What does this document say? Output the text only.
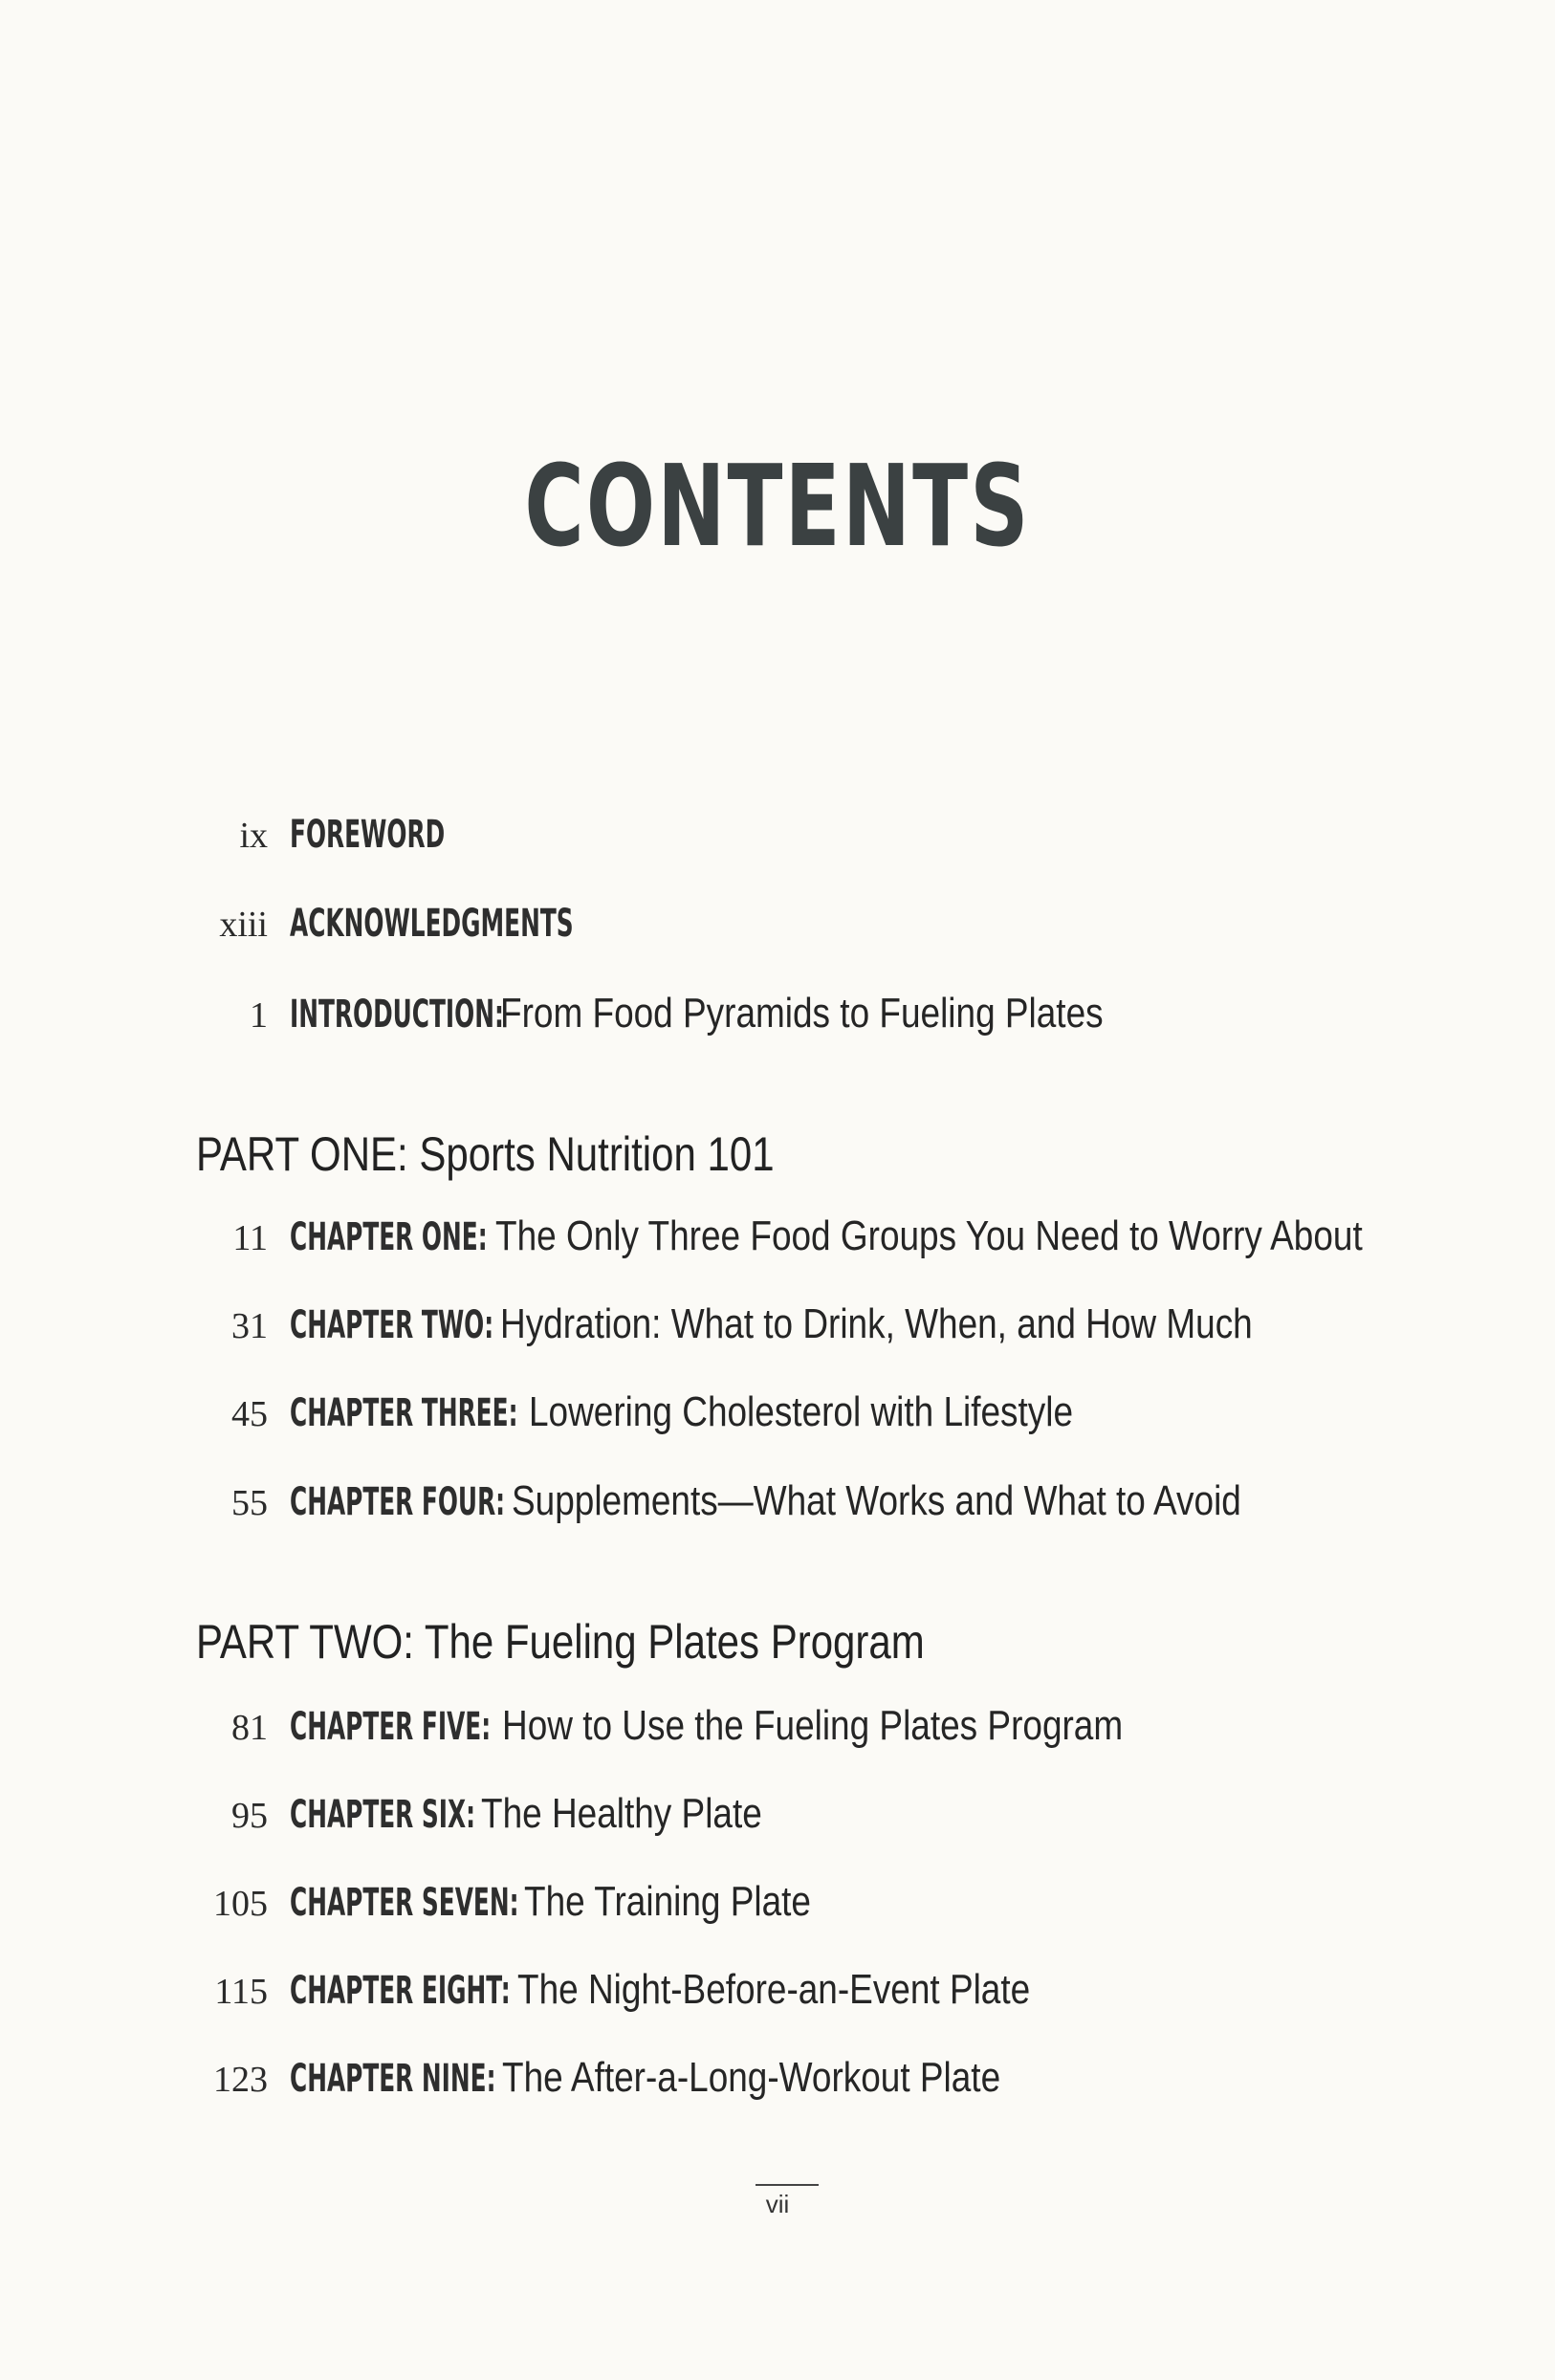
CONTENTS
ix FOREWORD
xiii ACKNOWLEDGMENTS
1 INTRODUCTION:
From Food Pyramids to Fueling Plates
PART ONE: Sports Nutrition 101
11 CHAPTER ONE: The Only Three Food Groups You Need to Worry About
31 CHAPTER TWO: Hydration: What to Drink, When, and How Much
45 CHAPTER THREE: Lowering Cholesterol with Lifestyle
55 CHAPTER FOUR: Supplements—What Works and What to Avoid
PART TWO: The Fueling Plates Program
81 CHAPTER FIVE: How to Use the Fueling Plates Program
95 CHAPTER SIX: The Healthy Plate
105 CHAPTER SEVEN: The Training Plate
115 CHAPTER EIGHT: The Night-Before-an-Event Plate
123 CHAPTER NINE: The After-a-Long-Workout Plate
vii
